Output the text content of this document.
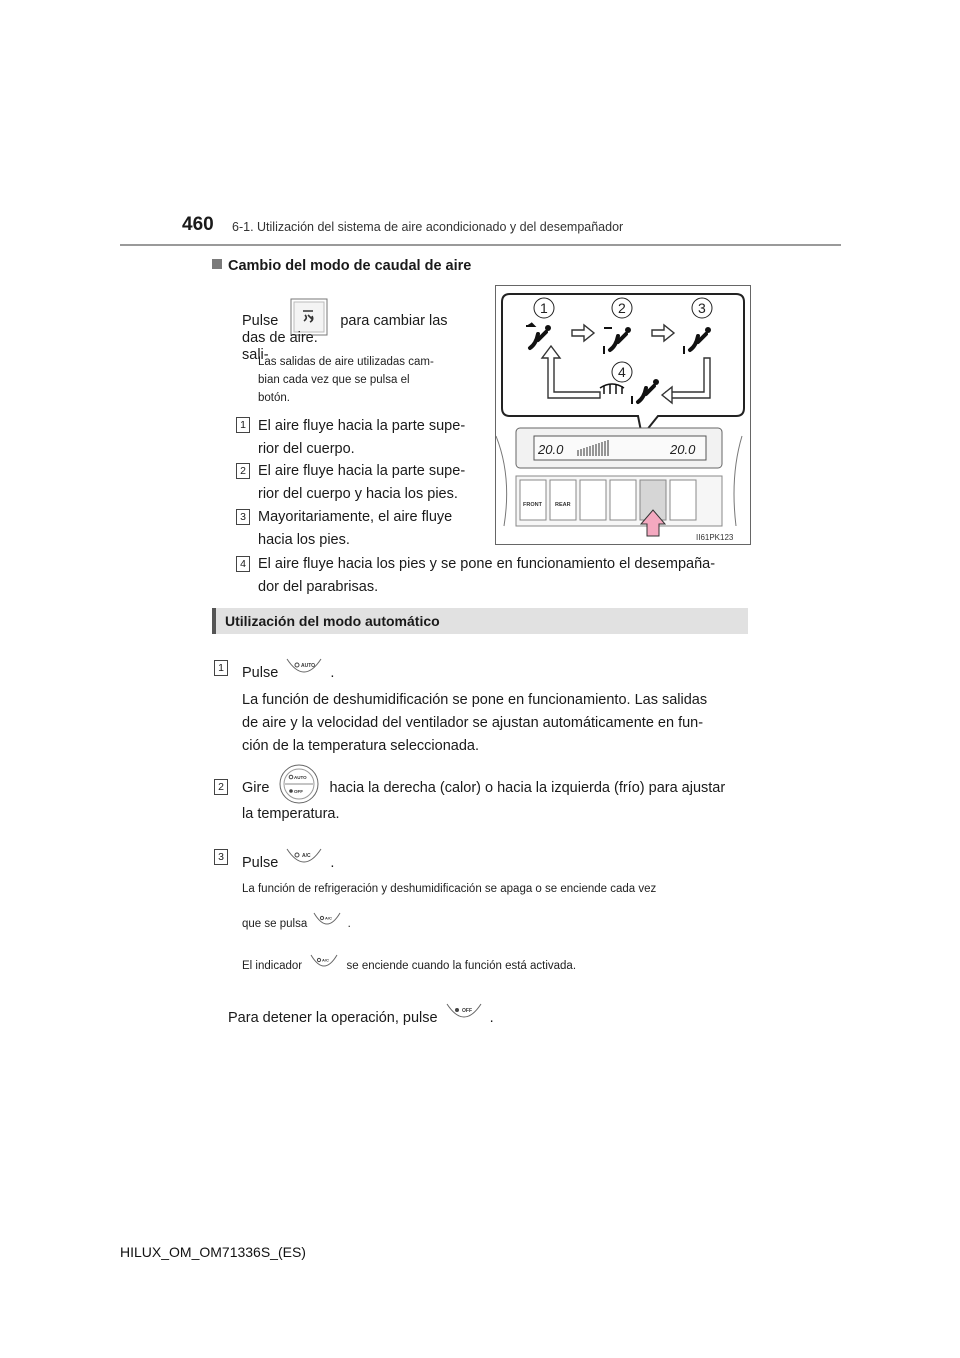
460 6-1. Utilización del sistema de aire acondicionado y del desempañador
Cambio del modo de caudal de aire
Pulse	para cambiar las sali-
das de aire.
Las salidas de aire utilizadas cam-
bian cada vez que se pulsa el
botón.
1 El aire fluye hacia la parte supe-
rior del cuerpo.
2 El aire fluye hacia la parte supe-
rior del cuerpo y hacia los pies.
3 Mayoritariamente, el aire fluye
hacia los pies.
4 El aire fluye hacia los pies y se pone en funcionamiento el desempaña-
dor del parabrisas.
1	2	3
4
20.0	20.0
FRONT REAR
II61PK123
Utilización del modo automático
1 Pulse	AUTO .
La función de deshumidificación se pone en funcionamiento. Las salidas
de aire y la velocidad del ventilador se ajustan automáticamente en fun-
ción de la temperatura seleccionada.
2 Gire
AUTO
OFF hacia la derecha (calor) o hacia la izquierda (frío) para ajustar
la temperatura.
3 Pulse	A/C .
La función de refrigeración y deshumidificación se apaga o se enciende cada vez
que se pulsa
A/C
.
El indicador
A/C
se enciende cuando la función está activada.
Para detener la operación, pulse	OFF .
HILUX_OM_OM71336S_(ES)
